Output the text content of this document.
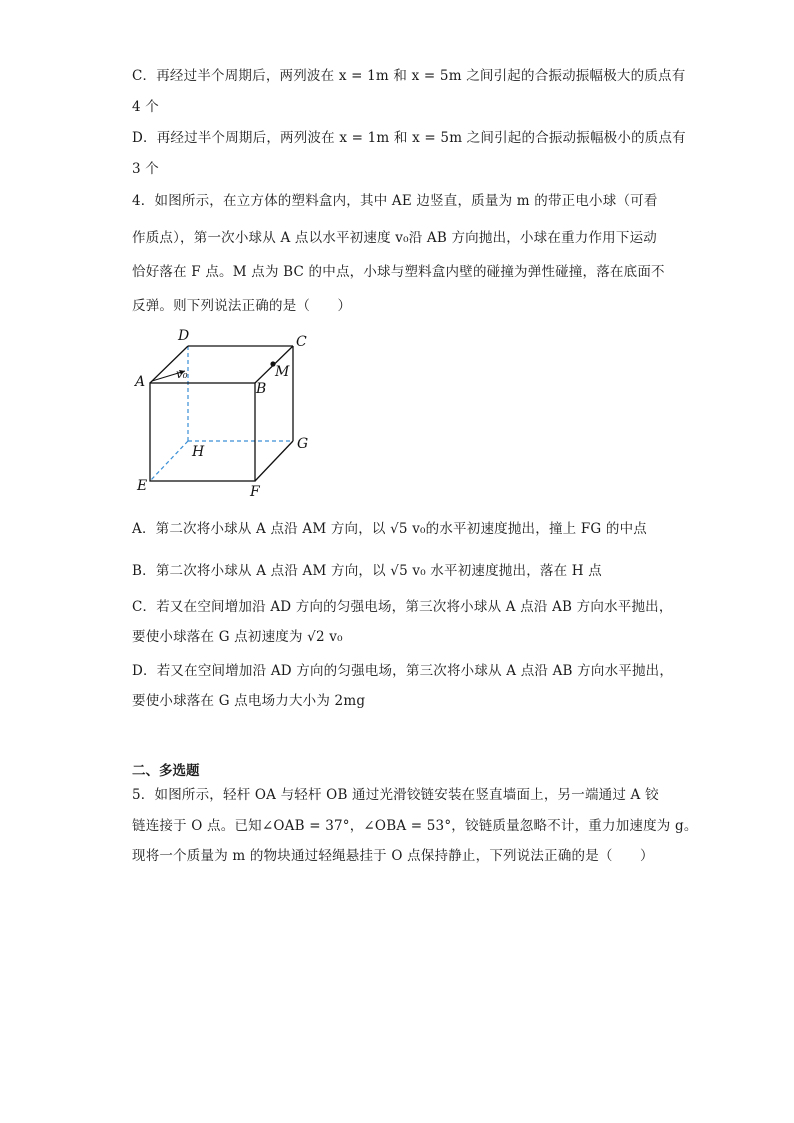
C．再经过半个周期后，两列波在 x = 1m 和 x = 5m 之间引起的合振动振幅极大的质点有
4 个
D．再经过半个周期后，两列波在 x = 1m 和 x = 5m 之间引起的合振动振幅极小的质点有
3 个
4．如图所示，在立方体的塑料盒内，其中 AE 边竖直，质量为 m 的带正电小球（可看
作质点），第一次小球从 A 点以水平初速度 v₀沿 AB 方向抛出，小球在重力作用下运动
恰好落在 F 点。M 点为 BC 的中点，小球与塑料盒内壁的碰撞为弹性碰撞，落在底面不
反弹。则下列说法正确的是（　　）
D	C
A	B
M
v₀
H	G
E	F
A．第二次将小球从 A 点沿 AM 方向，以 √5 v₀的水平初速度抛出，撞上 FG 的中点
B．第二次将小球从 A 点沿 AM 方向，以 √5 v₀ 水平初速度抛出，落在 H 点
C．若又在空间增加沿 AD 方向的匀强电场，第三次将小球从 A 点沿 AB 方向水平抛出，
要使小球落在 G 点初速度为 √2 v₀
D．若又在空间增加沿 AD 方向的匀强电场，第三次将小球从 A 点沿 AB 方向水平抛出，
要使小球落在 G 点电场力大小为 2mg
二、多选题
5．如图所示，轻杆 OA 与轻杆 OB 通过光滑铰链安装在竖直墙面上，另一端通过 A 铰
链连接于 O 点。已知∠OAB = 37°，∠OBA = 53°，铰链质量忽略不计，重力加速度为 g。
现将一个质量为 m 的物块通过轻绳悬挂于 O 点保持静止，下列说法正确的是（　　）
